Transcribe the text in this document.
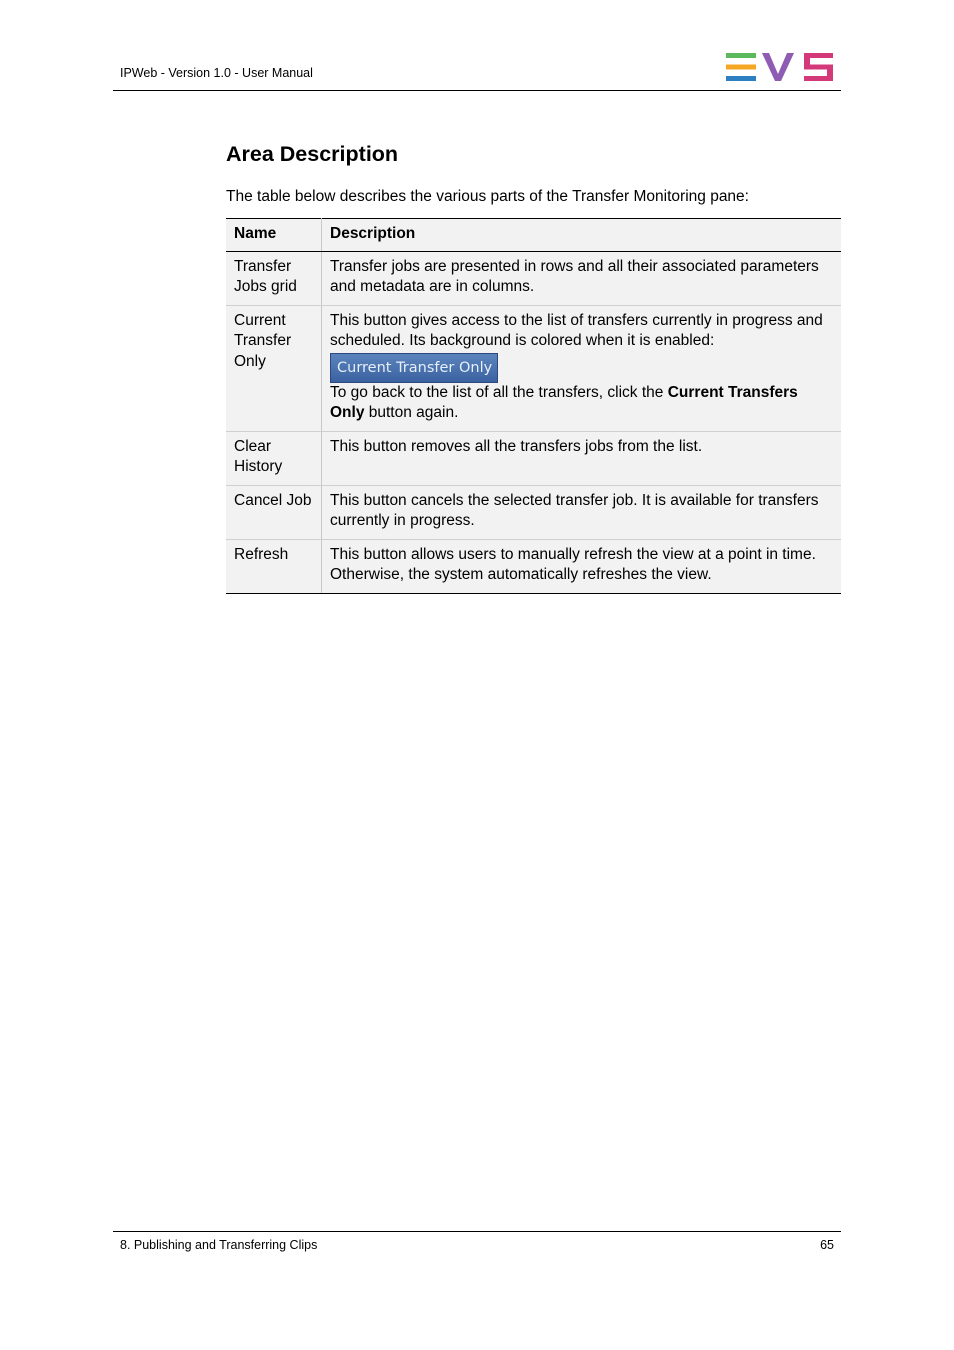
IPWeb - Version 1.0 - User Manual
Area Description

The table below describes the various parts of the Transfer Monitoring pane:

Name	Description
Transfer Jobs grid	Transfer jobs are presented in rows and all their associated parameters and metadata are in columns.
Current Transfer Only	This button gives access to the list of transfers currently in progress and scheduled. Its background is colored when it is enabled:
Current Transfer Only
To go back to the list of all the transfers, click the Current Transfers Only button again.

Clear History	This button removes all the transfers jobs from the list.
Cancel Job	This button cancels the selected transfer job. It is available for transfers currently in progress.
Refresh	This button allows users to manually refresh the view at a point in time. Otherwise, the system automatically refreshes the view.
8. Publishing and Transferring Clips	65
